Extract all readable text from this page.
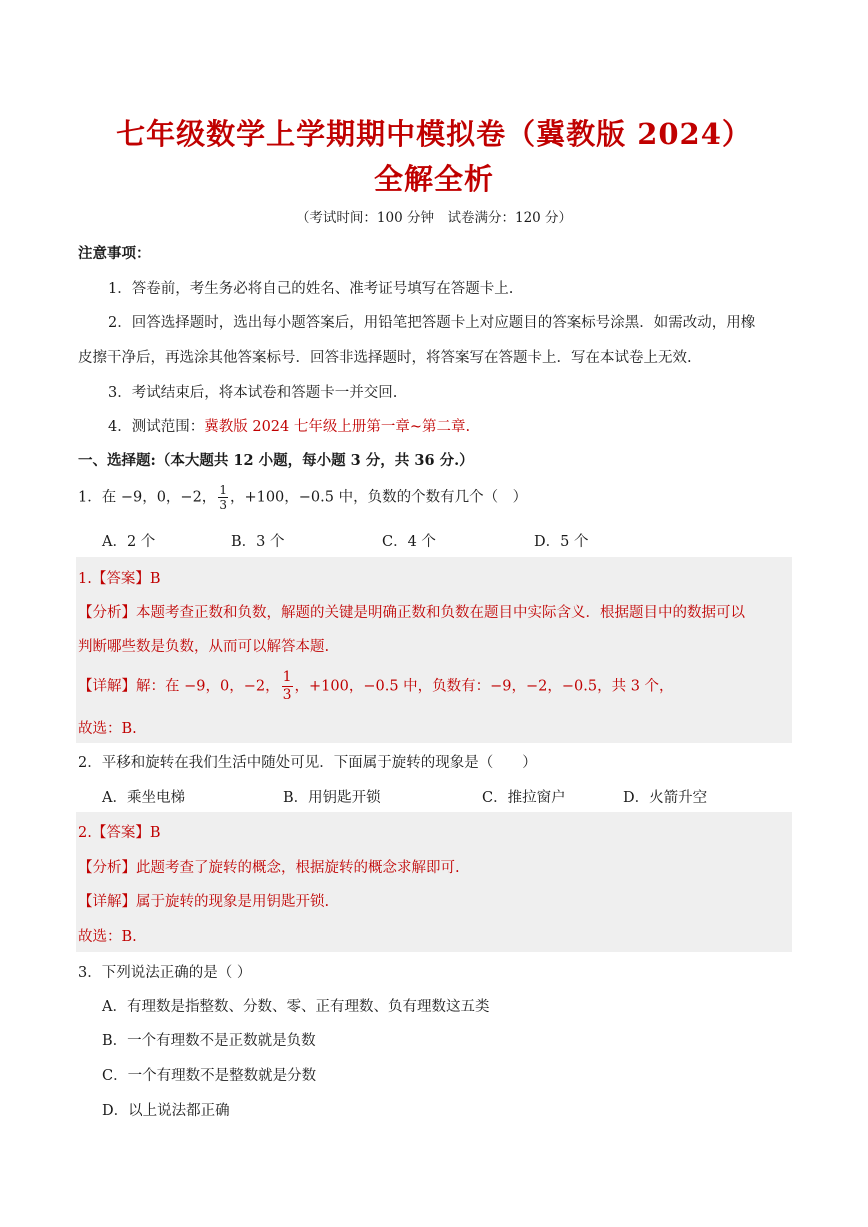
七年级数学上学期期中模拟卷（冀教版 2024）
全解全析
（考试时间：100 分钟　试卷满分：120 分）
注意事项：
1．答卷前，考生务必将自己的姓名、准考证号填写在答题卡上.
2．回答选择题时，选出每小题答案后，用铅笔把答题卡上对应题目的答案标号涂黑．如需改动，用橡
皮擦干净后，再选涂其他答案标号．回答非选择题时，将答案写在答题卡上．写在本试卷上无效.
3．考试结束后，将本试卷和答题卡一并交回.
4．测试范围：冀教版 2024 七年级上册第一章~第二章.
一、选择题:（本大题共 12 小题，每小题 3 分，共 36 分.）
1．在 −9，0，−2， $\frac{1}{3}$ ，+100，−0.5 中，负数的个数有几个（　）
A．2 个	B．3 个	C．4 个	D．5 个
1.【答案】B
【分析】本题考查正数和负数，解题的关键是明确正数和负数在题目中实际含义．根据题目中的数据可以
判断哪些数是负数，从而可以解答本题.
【详解】解：在 −9，0，−2， $\frac{1}{3}$ ，+100，−0.5 中，负数有：−9，−2，−0.5，共 3 个，
故选：B.
2．平移和旋转在我们生活中随处可见．下面属于旋转的现象是（　　）
A．乘坐电梯	B．用钥匙开锁	C．推拉窗户	D．火箭升空
2.【答案】B
【分析】此题考查了旋转的概念，根据旋转的概念求解即可.
【详解】属于旋转的现象是用钥匙开锁.
故选：B.
3．下列说法正确的是（ ）
A．有理数是指整数、分数、零、正有理数、负有理数这五类
B．一个有理数不是正数就是负数
C．一个有理数不是整数就是分数
D．以上说法都正确
